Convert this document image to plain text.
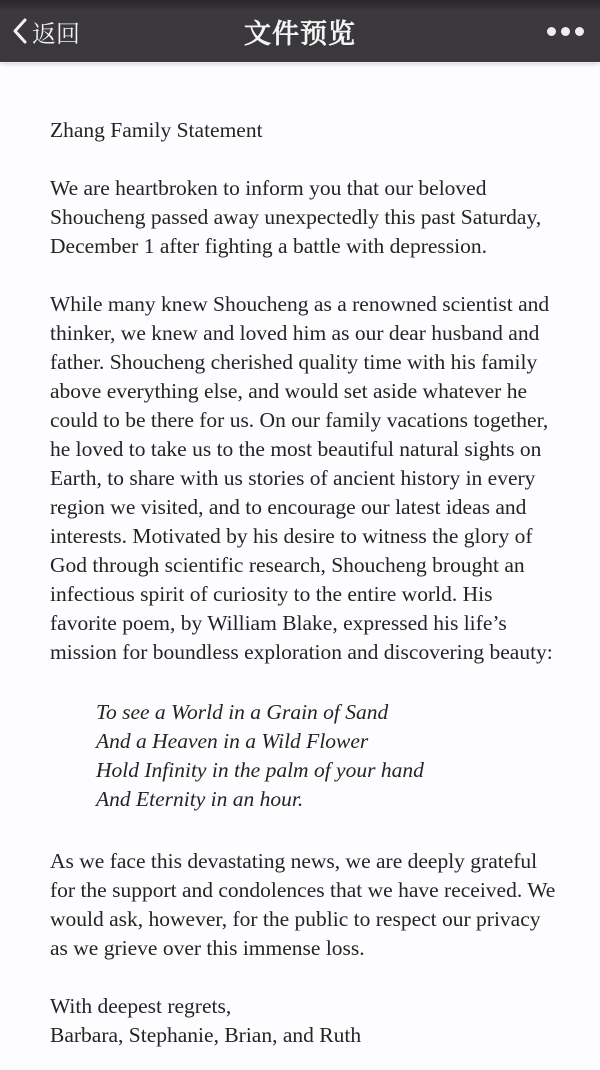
返回	文件预览

Zhang Family Statement

We are heartbroken to inform you that our beloved Shoucheng passed away unexpectedly this past Saturday, December 1 after fighting a battle with depression.

While many knew Shoucheng as a renowned scientist and thinker, we knew and loved him as our dear husband and father. Shoucheng cherished quality time with his family above everything else, and would set aside whatever he could to be there for us. On our family vacations together, he loved to take us to the most beautiful natural sights on Earth, to share with us stories of ancient history in every region we visited, and to encourage our latest ideas and interests. Motivated by his desire to witness the glory of God through scientific research, Shoucheng brought an infectious spirit of curiosity to the entire world. His favorite poem, by William Blake, expressed his life’s mission for boundless exploration and discovering beauty:

To see a World in a Grain of Sand
And a Heaven in a Wild Flower
Hold Infinity in the palm of your hand
And Eternity in an hour.

As we face this devastating news, we are deeply grateful for the support and condolences that we have received. We would ask, however, for the public to respect our privacy as we grieve over this immense loss.

With deepest regrets,
Barbara, Stephanie, Brian, and Ruth
